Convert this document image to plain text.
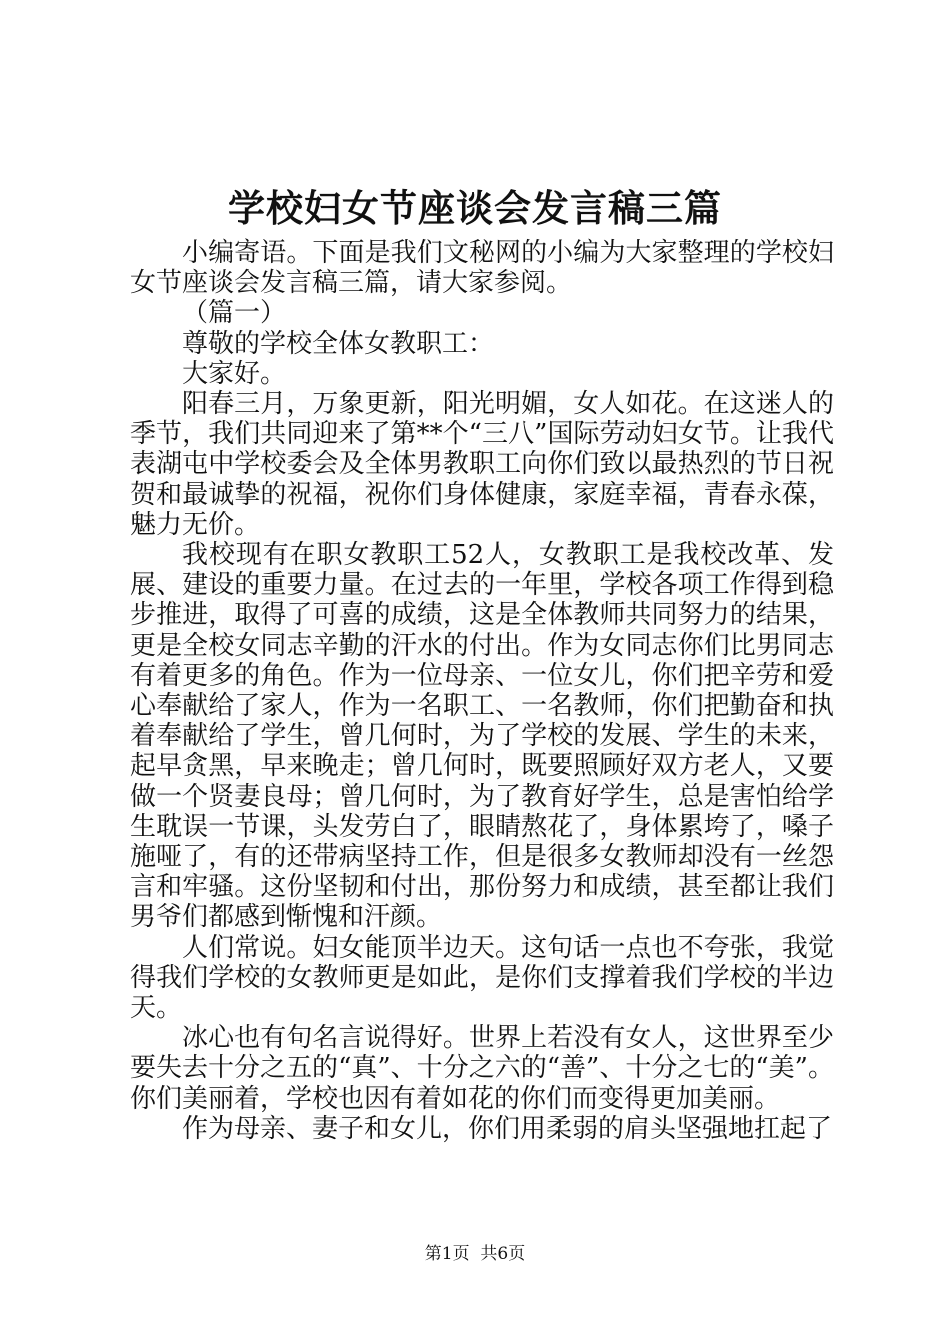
学校妇女节座谈会发言稿三篇

小编寄语。下面是我们文秘网的小编为大家整理的学校妇女节座谈会发言稿三篇，请大家参阅。

（篇一）

尊敬的学校全体女教职工：

大家好。

阳春三月，万象更新，阳光明媚，女人如花。在这迷人的季节，我们共同迎来了第**个“三八”国际劳动妇女节。让我代表湖屯中学校委会及全体男教职工向你们致以最热烈的节日祝贺和最诚挚的祝福，祝你们身体健康，家庭幸福，青春永葆，魅力无价。

我校现有在职女教职工52人，女教职工是我校改革、发展、建设的重要力量。在过去的一年里，学校各项工作得到稳步推进，取得了可喜的成绩，这是全体教师共同努力的结果，更是全校女同志辛勤的汗水的付出。作为女同志你们比男同志有着更多的角色。作为一位母亲、一位女儿，你们把辛劳和爱心奉献给了家人，作为一名职工、一名教师，你们把勤奋和执着奉献给了学生，曾几何时，为了学校的发展、学生的未来，起早贪黑，早来晚走；曾几何时，既要照顾好双方老人，又要做一个贤妻良母；曾几何时，为了教育好学生，总是害怕给学生耽误一节课，头发劳白了，眼睛熬花了，身体累垮了，嗓子施哑了，有的还带病坚持工作，但是很多女教师却没有一丝怨言和牢骚。这份坚韧和付出，那份努力和成绩，甚至都让我们男爷们都感到惭愧和汗颜。

人们常说。妇女能顶半边天。这句话一点也不夸张，我觉得我们学校的女教师更是如此，是你们支撑着我们学校的半边天。

冰心也有句名言说得好。世界上若没有女人，这世界至少要失去十分之五的“真”、十分之六的“善”、十分之七的“美”。你们美丽着，学校也因有着如花的你们而变得更加美丽。

作为母亲、妻子和女儿，你们用柔弱的肩头坚强地扛起了

第1页  共6页
